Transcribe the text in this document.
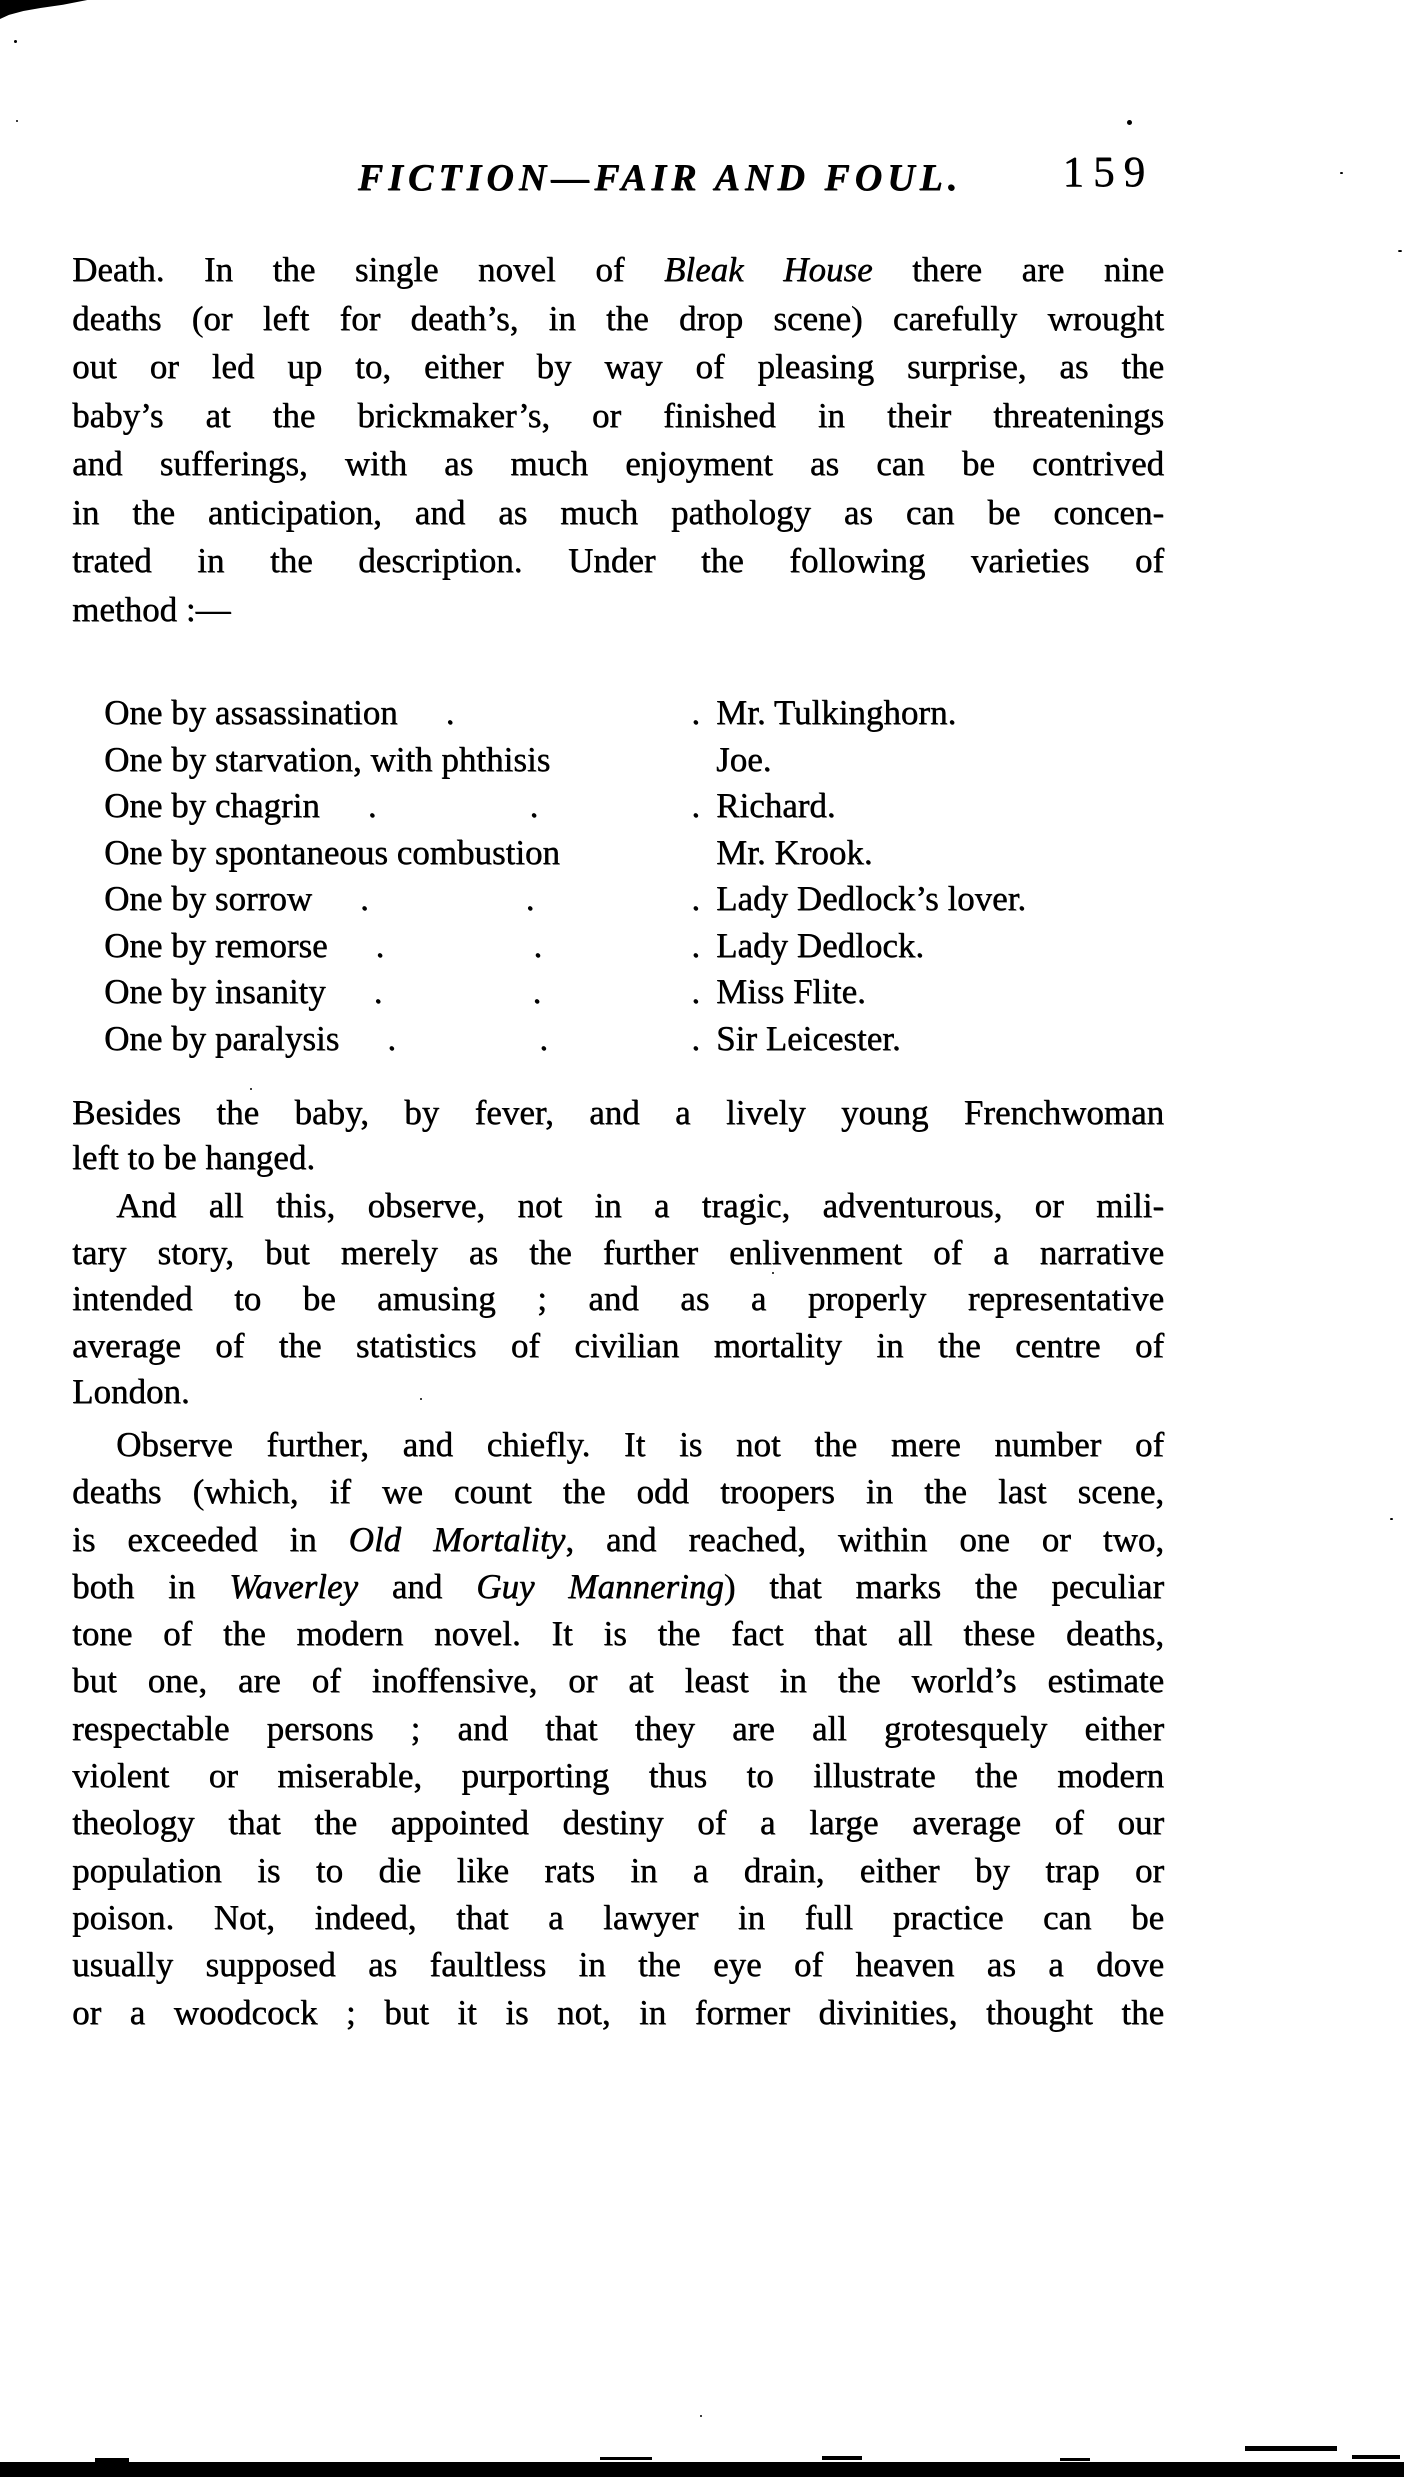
FICTION—FAIR AND FOUL. 159
Death. In the single novel of Bleak House there are nine
deaths (or left for death’s, in the drop scene) carefully wrought
out or led up to, either by way of pleasing surprise, as the
baby’s at the brickmaker’s, or finished in their threatenings
and sufferings, with as much enjoyment as can be contrived
in the anticipation, and as much pathology as can be concen-
trated in the description. Under the following varieties of
method :—
One by assassination	. . Mr. Tulkinghorn.
One by starvation, with phthisis	Joe.
One by chagrin	. . . Richard.
One by spontaneous combustion	Mr. Krook.
One by sorrow	. . . Lady Dedlock’s lover.
One by remorse	. . . Lady Dedlock.
One by insanity	. . . Miss Flite.
One by paralysis	. . . Sir Leicester.
Besides the baby, by fever, and a lively young Frenchwoman
left to be hanged.
And all this, observe, not in a tragic, adventurous, or mili-
tary story, but merely as the further enlivenment of a narrative
intended to be amusing ; and as a properly representative
average of the statistics of civilian mortality in the centre of
London.
Observe further, and chiefly. It is not the mere number of
deaths (which, if we count the odd troopers in the last scene,
is exceeded in Old Mortality, and reached, within one or two,
both in Waverley and Guy Mannering) that marks the peculiar
tone of the modern novel. It is the fact that all these deaths,
but one, are of inoffensive, or at least in the world’s estimate
respectable persons ; and that they are all grotesquely either
violent or miserable, purporting thus to illustrate the modern
theology that the appointed destiny of a large average of our
population is to die like rats in a drain, either by trap or
poison. Not, indeed, that a lawyer in full practice can be
usually supposed as faultless in the eye of heaven as a dove
or a woodcock ; but it is not, in former divinities, thought the
